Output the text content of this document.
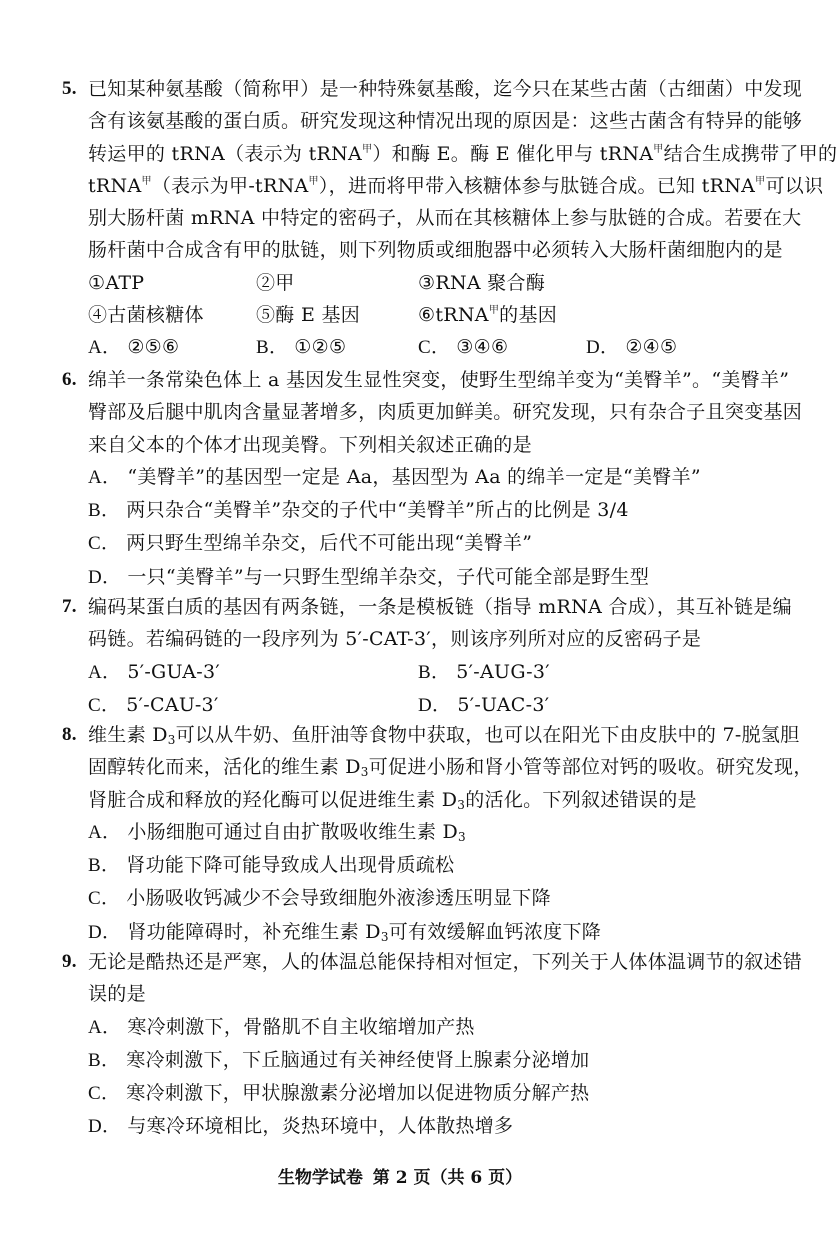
5. 已知某种氨基酸（简称甲）是一种特殊氨基酸，迄今只在某些古菌（古细菌）中发现
含有该氨基酸的蛋白质。研究发现这种情况出现的原因是：这些古菌含有特异的能够
转运甲的 tRNA（表示为 tRNA$^甲$）和酶 E。酶 E 催化甲与 tRNA$^甲$结合生成携带了甲的
tRNA$^甲$（表示为甲-tRNA$^甲$），进而将甲带入核糖体参与肽链合成。已知 tRNA$^甲$可以识
别大肠杆菌 mRNA 中特定的密码子，从而在其核糖体上参与肽链的合成。若要在大
肠杆菌中合成含有甲的肽链，则下列物质或细胞器中必须转入大肠杆菌细胞内的是
①ATP	②甲	③RNA 聚合酶
④古菌核糖体	⑤酶 E 基因	⑥tRNA$^甲$的基因
A． ②⑤⑥	B． ①②⑤	C． ③④⑥	D． ②④⑤
6. 绵羊一条常染色体上 a 基因发生显性突变，使野生型绵羊变为“美臀羊”。“美臀羊”
臀部及后腿中肌肉含量显著增多，肉质更加鲜美。研究发现，只有杂合子且突变基因
来自父本的个体才出现美臀。下列相关叙述正确的是
A． “美臀羊”的基因型一定是 Aa，基因型为 Aa 的绵羊一定是“美臀羊”
B． 两只杂合“美臀羊”杂交的子代中“美臀羊”所占的比例是 3/4
C． 两只野生型绵羊杂交，后代不可能出现“美臀羊”
D． 一只“美臀羊”与一只野生型绵羊杂交，子代可能全部是野生型
7. 编码某蛋白质的基因有两条链，一条是模板链（指导 mRNA 合成），其互补链是编
码链。若编码链的一段序列为 5′-CAT-3′，则该序列所对应的反密码子是
A． 5′-GUA-3′	B． 5′-AUG-3′
C． 5′-CAU-3′	D． 5′-UAC-3′
8. 维生素 $D_3$可以从牛奶、鱼肝油等食物中获取，也可以在阳光下由皮肤中的 7-脱氢胆
固醇转化而来，活化的维生素 $D_3$可促进小肠和肾小管等部位对钙的吸收。研究发现，
肾脏合成和释放的羟化酶可以促进维生素 $D_3$的活化。下列叙述错误的是
A． 小肠细胞可通过自由扩散吸收维生素 $D_3$
B． 肾功能下降可能导致成人出现骨质疏松
C． 小肠吸收钙减少不会导致细胞外液渗透压明显下降
D． 肾功能障碍时，补充维生素 $D_3$可有效缓解血钙浓度下降
9. 无论是酷热还是严寒，人的体温总能保持相对恒定，下列关于人体体温调节的叙述错
误的是
A． 寒冷刺激下，骨骼肌不自主收缩增加产热
B． 寒冷刺激下，下丘脑通过有关神经使肾上腺素分泌增加
C． 寒冷刺激下，甲状腺激素分泌增加以促进物质分解产热
D． 与寒冷环境相比，炎热环境中，人体散热增多
生物学试卷 第 2 页（共 6 页）
